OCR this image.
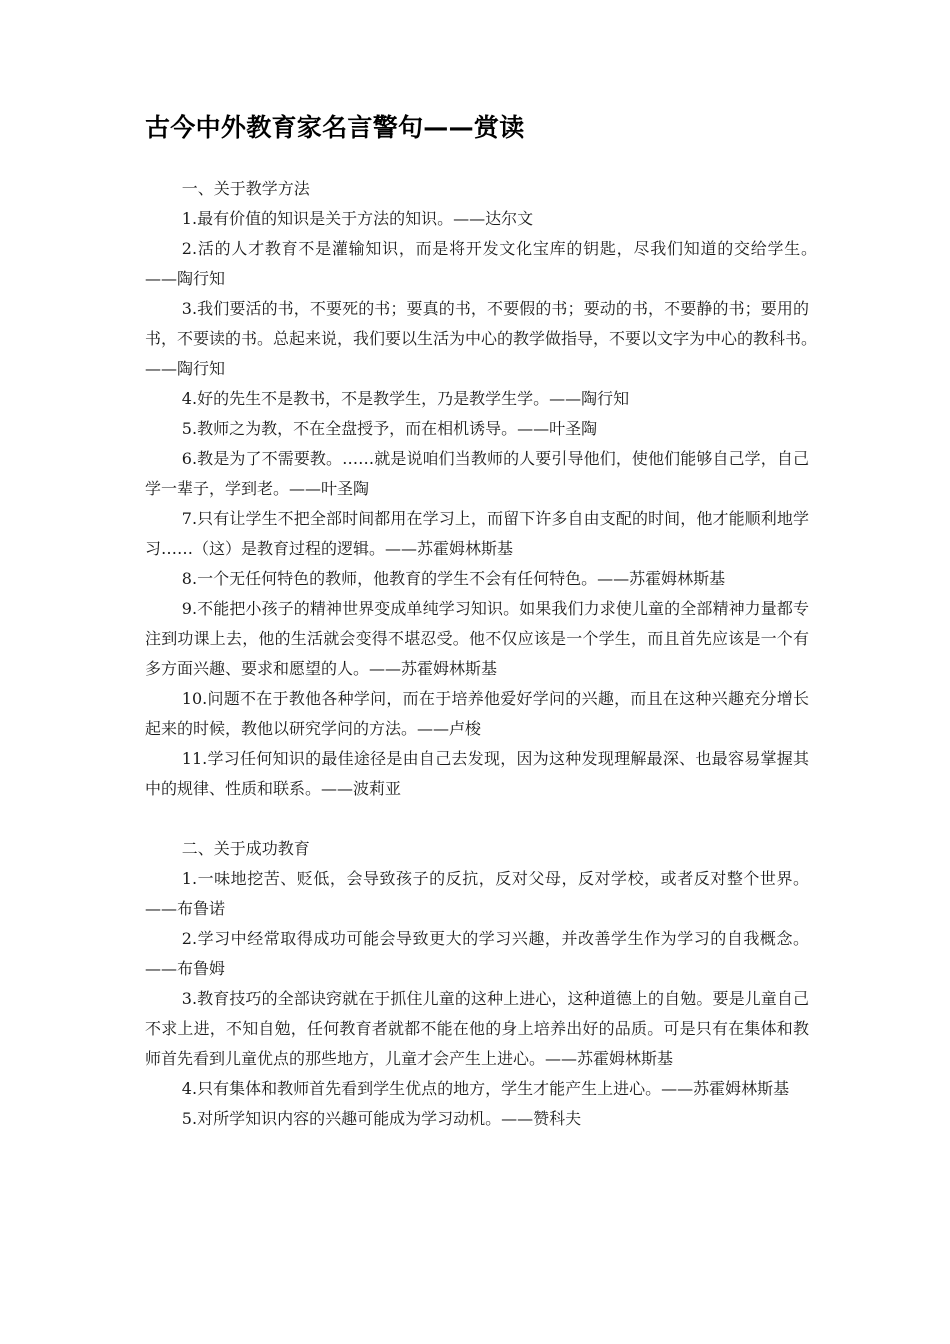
古今中外教育家名言警句——赏读

一、关于教学方法

1.最有价值的知识是关于方法的知识。——达尔文

2.活的人才教育不是灌输知识，而是将开发文化宝库的钥匙，尽我们知道的交给学生。　　　——陶行知

3.我们要活的书，不要死的书；要真的书，不要假的书；要动的书，不要静的书；要用的书，不要读的书。总起来说，我们要以生活为中心的教学做指导，不要以文字为中心的教科书。　　　——陶行知

4.好的先生不是教书，不是教学生，乃是教学生学。——陶行知

5.教师之为教，不在全盘授予，而在相机诱导。——叶圣陶

6.教是为了不需要教。……就是说咱们当教师的人要引导他们，使他们能够自己学，自己学一辈子，学到老。——叶圣陶

7.只有让学生不把全部时间都用在学习上，而留下许多自由支配的时间，他才能顺利地学习……（这）是教育过程的逻辑。——苏霍姆林斯基

8.一个无任何特色的教师，他教育的学生不会有任何特色。——苏霍姆林斯基

9.不能把小孩子的精神世界变成单纯学习知识。如果我们力求使儿童的全部精神力量都专注到功课上去，他的生活就会变得不堪忍受。他不仅应该是一个学生，而且首先应该是一个有多方面兴趣、要求和愿望的人。——苏霍姆林斯基

10.问题不在于教他各种学问，而在于培养他爱好学问的兴趣，而且在这种兴趣充分增长起来的时候，教他以研究学问的方法。——卢梭

11.学习任何知识的最佳途径是由自己去发现，因为这种发现理解最深、也最容易掌握其中的规律、性质和联系。——波莉亚

二、关于成功教育

1.一味地挖苦、贬低，会导致孩子的反抗，反对父母，反对学校，或者反对整个世界。——布鲁诺

2.学习中经常取得成功可能会导致更大的学习兴趣，并改善学生作为学习的自我概念。——布鲁姆

3.教育技巧的全部诀窍就在于抓住儿童的这种上进心，这种道德上的自勉。要是儿童自己不求上进，不知自勉，任何教育者就都不能在他的身上培养出好的品质。可是只有在集体和教师首先看到儿童优点的那些地方，儿童才会产生上进心。——苏霍姆林斯基

4.只有集体和教师首先看到学生优点的地方，学生才能产生上进心。——苏霍姆林斯基

5.对所学知识内容的兴趣可能成为学习动机。——赞科夫
